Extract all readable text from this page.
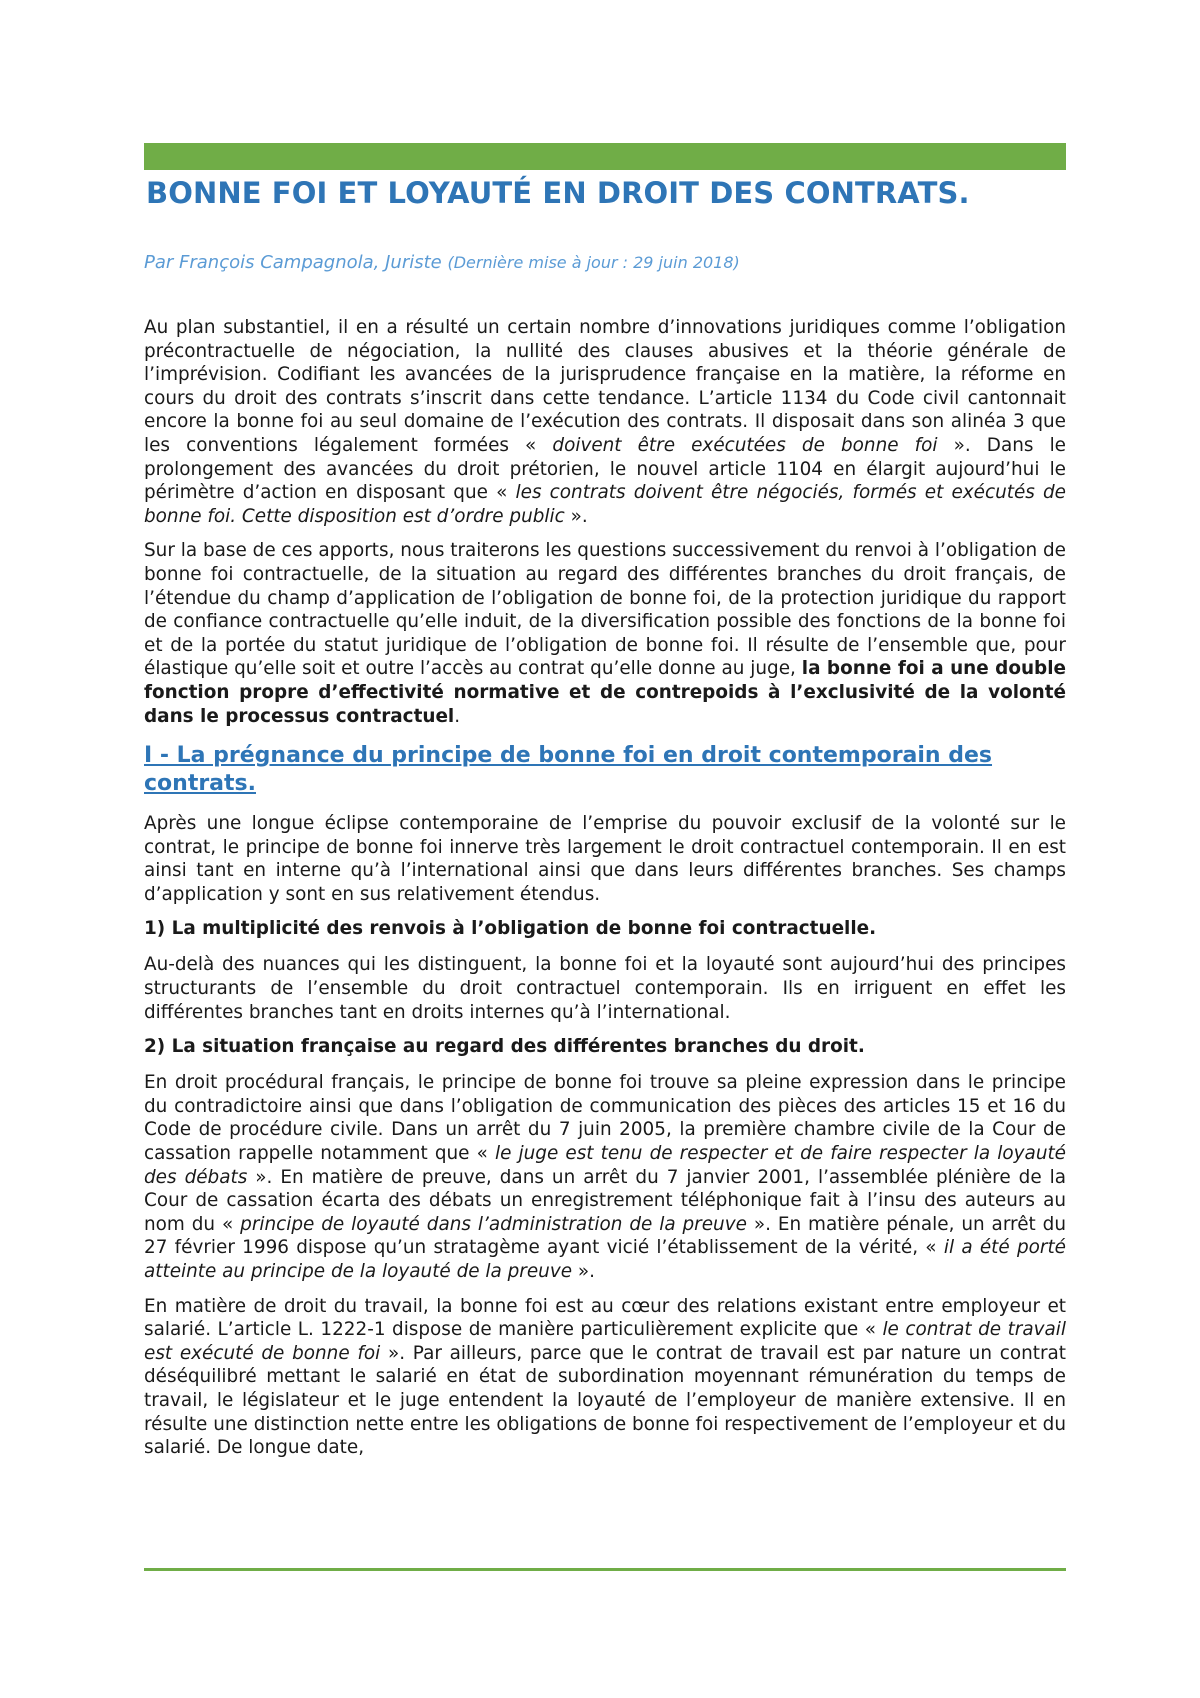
BONNE FOI ET LOYAUTÉ EN DROIT DES CONTRATS.
Par François Campagnola, Juriste (Dernière mise à jour : 29 juin 2018)

Au plan substantiel, il en a résulté un certain nombre d’innovations juridiques comme l’obligation précontractuelle de négociation, la nullité des clauses abusives et la théorie générale de l’imprévision. Codifiant les avancées de la jurisprudence française en la matière, la réforme en cours du droit des contrats s’inscrit dans cette tendance. L’article 1134 du Code civil cantonnait encore la bonne foi au seul domaine de l’exécution des contrats. Il disposait dans son alinéa 3 que les conventions légalement formées « doivent être exécutées de bonne foi ». Dans le prolongement des avancées du droit prétorien, le nouvel article 1104 en élargit aujourd’hui le périmètre d’action en disposant que « les contrats doivent être négociés, formés et exécutés de bonne foi. Cette disposition est d’ordre public ».

Sur la base de ces apports, nous traiterons les questions successivement du renvoi à l’obligation de bonne foi contractuelle, de la situation au regard des différentes branches du droit français, de l’étendue du champ d’application de l’obligation de bonne foi, de la protection juridique du rapport de confiance contractuelle qu’elle induit, de la diversification possible des fonctions de la bonne foi et de la portée du statut juridique de l’obligation de bonne foi. Il résulte de l’ensemble que, pour élastique qu’elle soit et outre l’accès au contrat qu’elle donne au juge, la bonne foi a une double fonction propre d’effectivité normative et de contrepoids à l’exclusivité de la volonté dans le processus contractuel.

I - La prégnance du principe de bonne foi en droit contemporain des contrats.

Après une longue éclipse contemporaine de l’emprise du pouvoir exclusif de la volonté sur le contrat, le principe de bonne foi innerve très largement le droit contractuel contemporain. Il en est ainsi tant en interne qu’à l’international ainsi que dans leurs différentes branches. Ses champs d’application y sont en sus relativement étendus.

1) La multiplicité des renvois à l’obligation de bonne foi contractuelle.

Au-delà des nuances qui les distinguent, la bonne foi et la loyauté sont aujourd’hui des principes structurants de l’ensemble du droit contractuel contemporain. Ils en irriguent en effet les différentes branches tant en droits internes qu’à l’international.

2) La situation française au regard des différentes branches du droit.

En droit procédural français, le principe de bonne foi trouve sa pleine expression dans le principe du contradictoire ainsi que dans l’obligation de communication des pièces des articles 15 et 16 du Code de procédure civile. Dans un arrêt du 7 juin 2005, la première chambre civile de la Cour de cassation rappelle notamment que « le juge est tenu de respecter et de faire respecter la loyauté des débats ». En matière de preuve, dans un arrêt du 7 janvier 2001, l’assemblée plénière de la Cour de cassation écarta des débats un enregistrement téléphonique fait à l’insu des auteurs au nom du « principe de loyauté dans l’administration de la preuve ». En matière pénale, un arrêt du 27 février 1996 dispose qu’un stratagème ayant vicié l’établissement de la vérité, « il a été porté atteinte au principe de la loyauté de la preuve ».

En matière de droit du travail, la bonne foi est au cœur des relations existant entre employeur et salarié. L’article L. 1222-1 dispose de manière particulièrement explicite que « le contrat de travail est exécuté de bonne foi ». Par ailleurs, parce que le contrat de travail est par nature un contrat déséquilibré mettant le salarié en état de subordination moyennant rémunération du temps de travail, le législateur et le juge entendent la loyauté de l’employeur de manière extensive. Il en résulte une distinction nette entre les obligations de bonne foi respectivement de l’employeur et du salarié. De longue date,
